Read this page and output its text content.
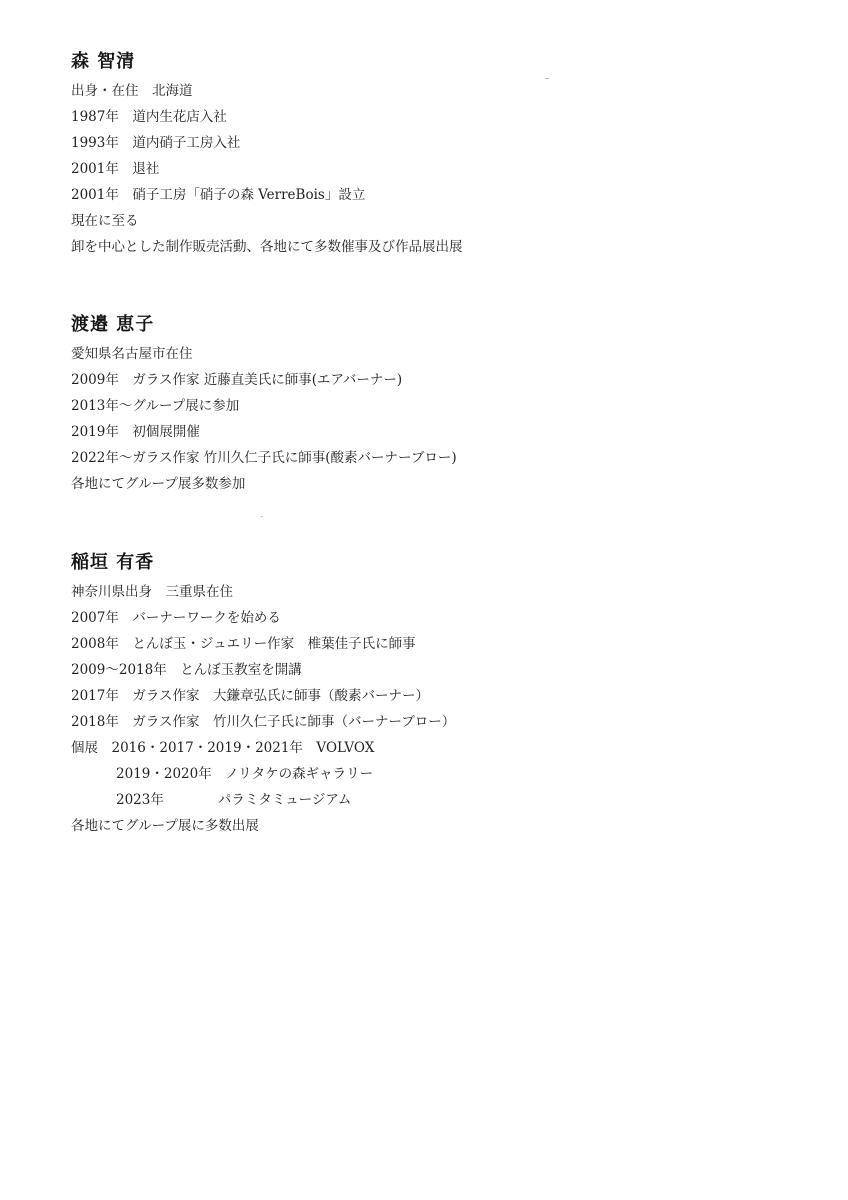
森 智清
出身・在住　北海道
1987年　道内生花店入社
1993年　道内硝子工房入社
2001年　退社
2001年　硝子工房「硝子の森 VerreBois」設立
現在に至る
卸を中心とした制作販売活動、各地にて多数催事及び作品展出展
渡邉 恵子
愛知県名古屋市在住
2009年　ガラス作家 近藤直美氏に師事(エアバーナー)
2013年～グループ展に参加
2019年　初個展開催
2022年～ガラス作家 竹川久仁子氏に師事(酸素バーナーブロー)
各地にてグループ展多数参加
稲垣 有香
神奈川県出身　三重県在住
2007年　バーナーワークを始める
2008年　とんぼ玉・ジュエリー作家　椎葉佳子氏に師事
2009～2018年　とんぼ玉教室を開講
2017年　ガラス作家　大鎌章弘氏に師事（酸素バーナー）
2018年　ガラス作家　竹川久仁子氏に師事（バーナーブロー）
個展　2016・2017・2019・2021年　VOLVOX
2019・2020年　ノリタケの森ギャラリー
2023年　　　　パラミタミュージアム
各地にてグループ展に多数出展
